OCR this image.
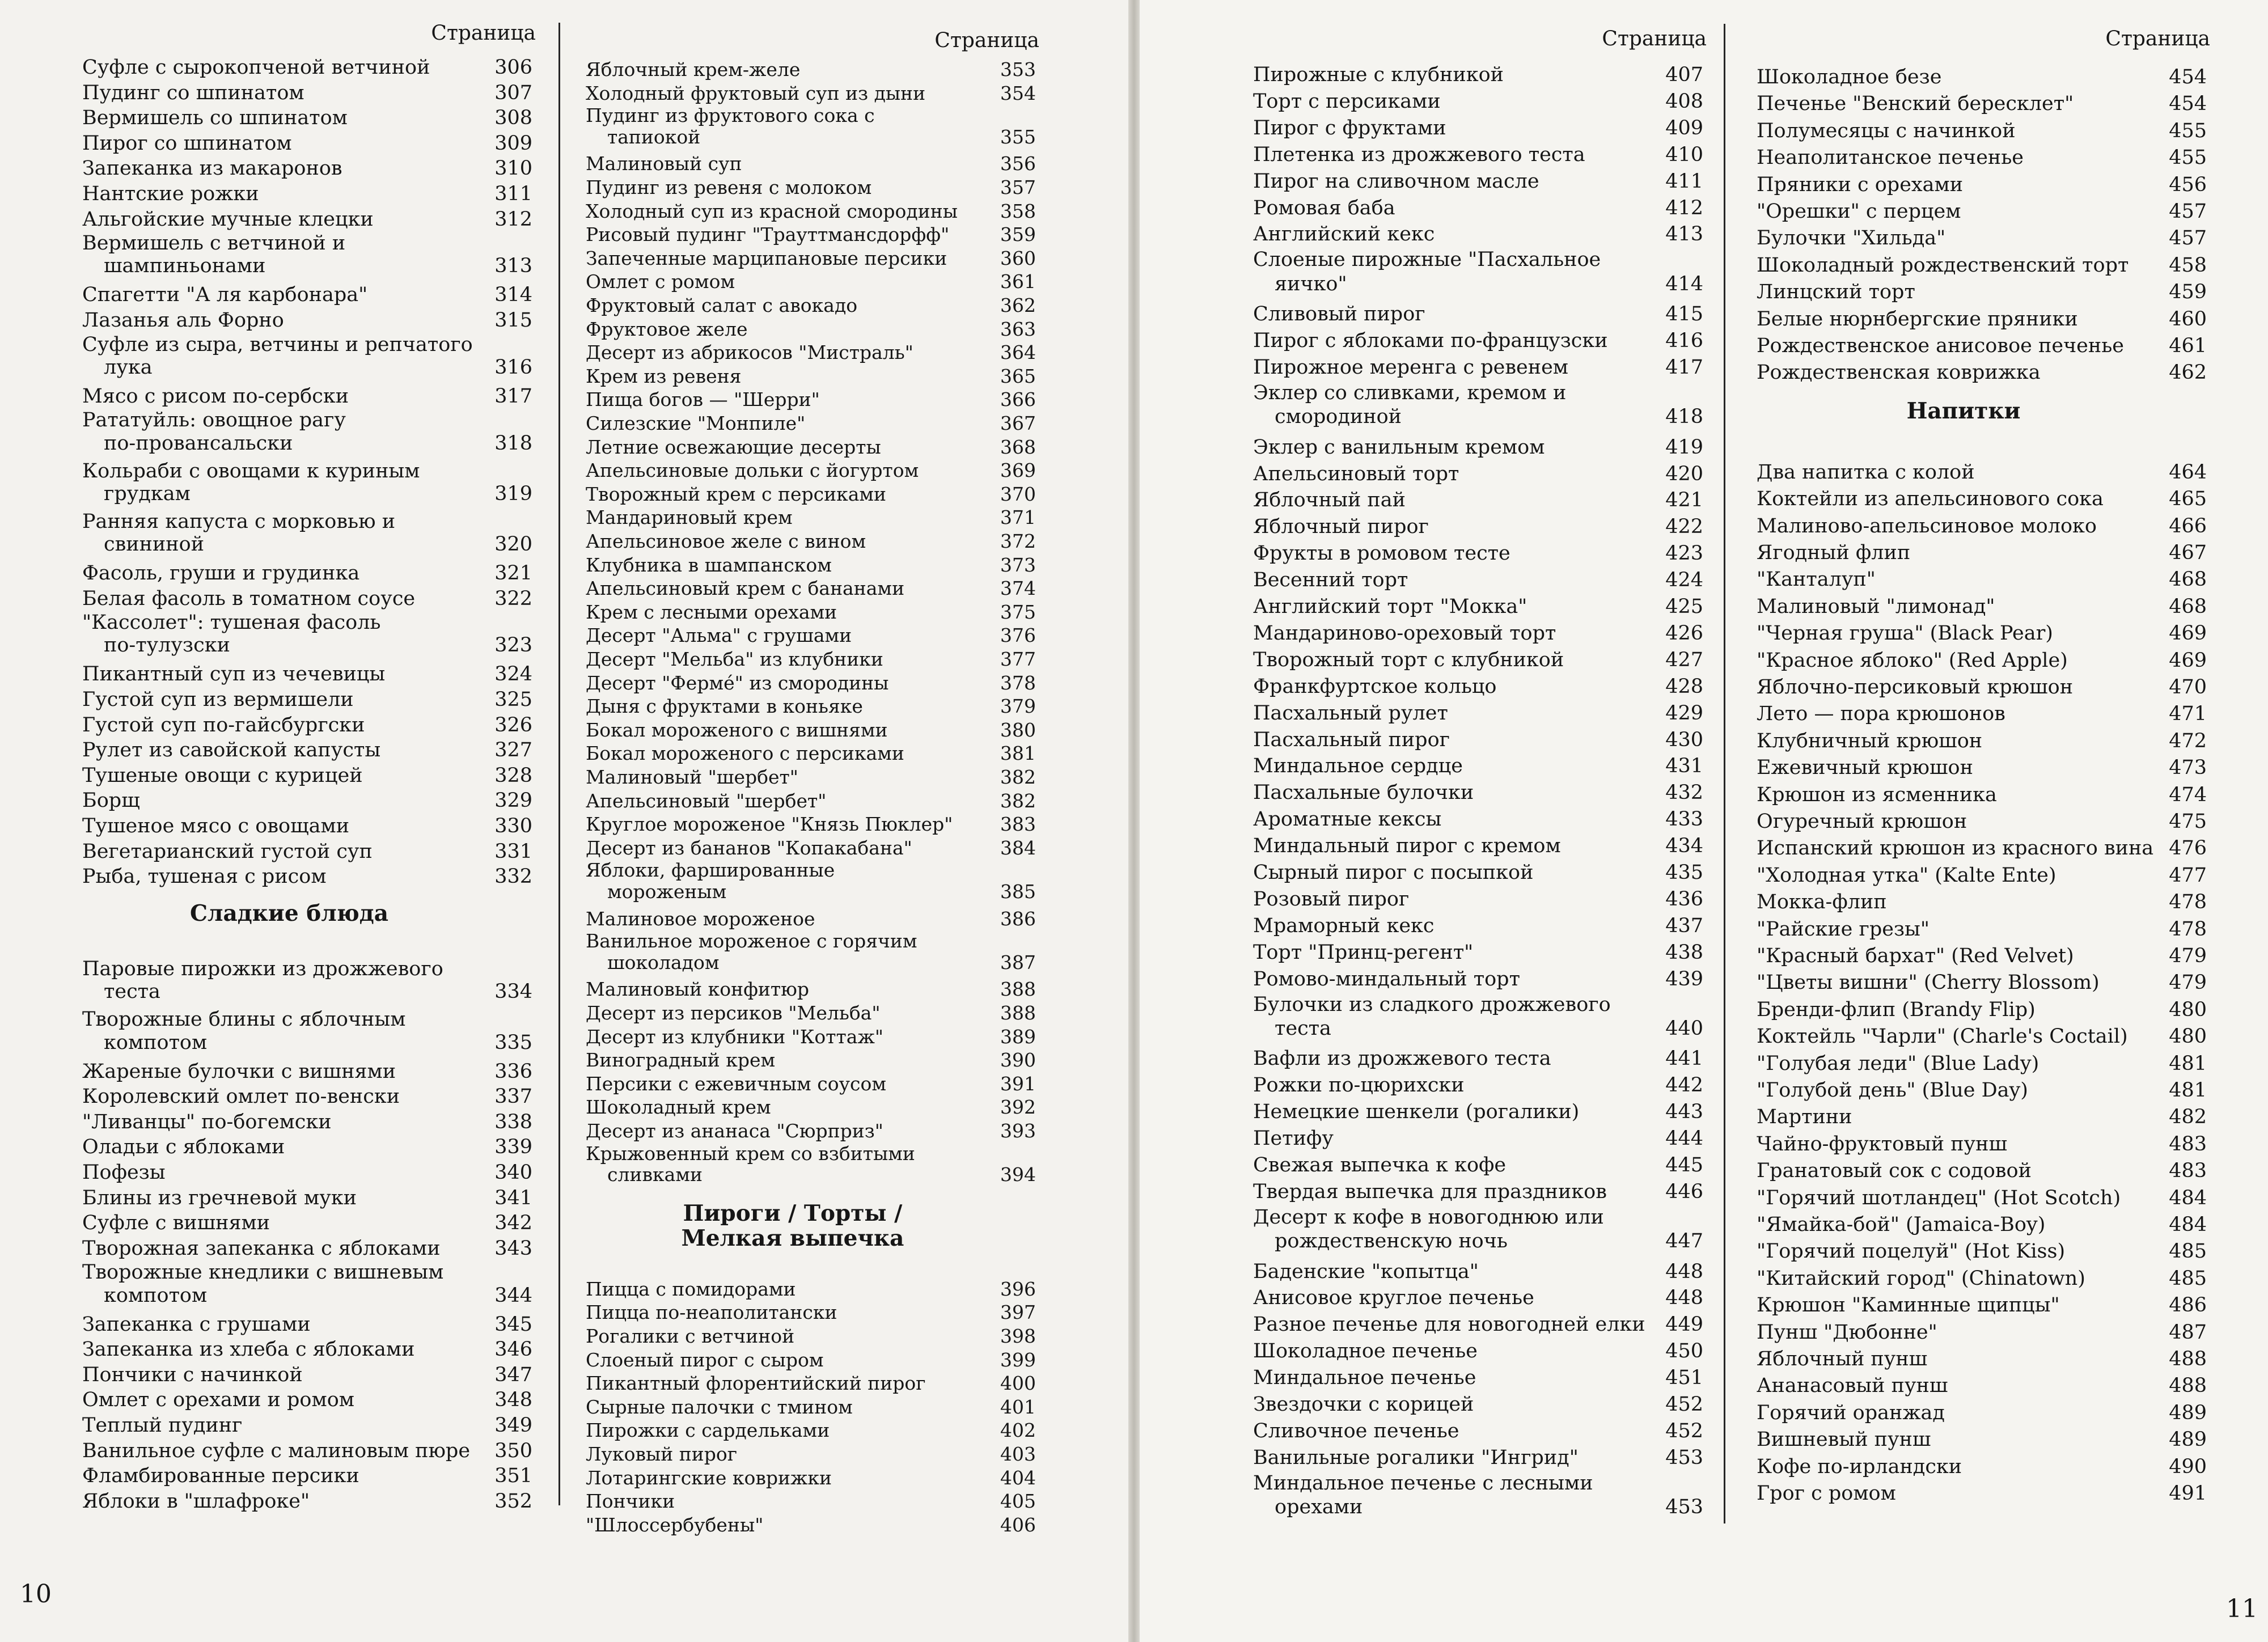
Страница
Суфле с сырокопченой ветчиной	306
Пудинг со шпинатом	307
Вермишель со шпинатом	308
Пирог со шпинатом	309
Запеканка из макаронов	310
Нантские рожки	311
Альгойские мучные клецки	312
Вермишель с ветчиной и
шампиньонами	313
Спагетти "А ля карбонара"	314
Лазанья аль Форно	315
Суфле из сыра, ветчины и репчатого
лука	316
Мясо с рисом по-сербски	317
Рататуйль: овощное рагу
по-провансальски	318
Кольраби с овощами к куриным
грудкам	319
Ранняя капуста с морковью и
свининой	320
Фасоль, груши и грудинка	321
Белая фасоль в томатном соусе	322
"Кассолет": тушеная фасоль
по-тулузски	323
Пикантный суп из чечевицы	324
Густой суп из вермишели	325
Густой суп по-гайсбургски	326
Рулет из савойской капусты	327
Тушеные овощи с курицей	328
Борщ	329
Тушеное мясо с овощами	330
Вегетарианский густой суп	331
Рыба, тушеная с рисом	332
Сладкие блюда
Паровые пирожки из дрожжевого
теста	334
Творожные блины с яблочным
компотом	335
Жареные булочки с вишнями	336
Королевский омлет по-венски	337
"Ливанцы" по-богемски	338
Оладьи с яблоками	339
Пофезы	340
Блины из гречневой муки	341
Суфле с вишнями	342
Творожная запеканка с яблоками	343
Творожные кнедлики с вишневым
компотом	344
Запеканка с грушами	345
Запеканка из хлеба с яблоками	346
Пончики с начинкой	347
Омлет с орехами и ромом	348
Теплый пудинг	349
Ванильное суфле с малиновым пюре 350
Фламбированные персики	351
Яблоки в "шлафроке"	352
Страница
Яблочный крем-желе	353
Холодный фруктовый суп из дыни	354
Пудинг из фруктового сока с
тапиокой	355
Малиновый суп	356
Пудинг из ревеня с молоком	357
Холодный суп из красной смородины 358
Рисовый пудинг "Трауттмансдорфф"	359
Запеченные марципановые персики	360
Омлет с ромом	361
Фруктовый салат с авокадо	362
Фруктовое желе	363
Десерт из абрикосов "Мистраль"	364
Крем из ревеня	365
Пища богов — "Шерри"	366
Силезские "Монпиле"	367
Летние освежающие десерты	368
Апельсиновые дольки с йогуртом	369
Творожный крем с персиками	370
Мандариновый крем	371
Апельсиновое желе с вином	372
Клубника в шампанском	373
Апельсиновый крем с бананами	374
Крем с лесными орехами	375
Десерт "Альма" с грушами	376
Десерт "Мельба" из клубники	377
Десерт "Фермé" из смородины	378
Дыня с фруктами в коньяке	379
Бокал мороженого с вишнями	380
Бокал мороженого с персиками	381
Малиновый "шербет"	382
Апельсиновый "шербет"	382
Круглое мороженое "Князь Пюклер"	383
Десерт из бананов "Копакабана"	384
Яблоки, фаршированные
мороженым	385
Малиновое мороженое	386
Ванильное мороженое с горячим
шоколадом	387
Малиновый конфитюр	388
Десерт из персиков "Мельба"	388
Десерт из клубники "Коттаж"	389
Виноградный крем	390
Персики с ежевичным соусом	391
Шоколадный крем	392
Десерт из ананаса "Сюрприз"	393
Крыжовенный крем со взбитыми
сливками	394
Пироги / Торты /
Мелкая выпечка
Пицца с помидорами	396
Пицца по-неаполитански	397
Рогалики с ветчиной	398
Слоеный пирог с сыром	399
Пикантный флорентийский пирог	400
Сырные палочки с тмином	401
Пирожки с сардельками	402
Луковый пирог	403
Лотарингские коврижки	404
Пончики	405
"Шлоссербубены"	406
10
Страница
Пирожные с клубникой	407
Торт с персиками	408
Пирог с фруктами	409
Плетенка из дрожжевого теста	410
Пирог на сливочном масле	411
Ромовая баба	412
Английский кекс	413
Слоеные пирожные "Пасхальное
яичко"	414
Сливовый пирог	415
Пирог с яблоками по-французски	416
Пирожное меренга с ревенем	417
Эклер со сливками, кремом и
смородиной	418
Эклер с ванильным кремом	419
Апельсиновый торт	420
Яблочный пай	421
Яблочный пирог	422
Фрукты в ромовом тесте	423
Весенний торт	424
Английский торт "Мокка"	425
Мандариново-ореховый торт	426
Творожный торт с клубникой	427
Франкфуртское кольцо	428
Пасхальный рулет	429
Пасхальный пирог	430
Миндальное сердце	431
Пасхальные булочки	432
Ароматные кексы	433
Миндальный пирог с кремом	434
Сырный пирог с посыпкой	435
Розовый пирог	436
Мраморный кекс	437
Торт "Принц-регент"	438
Ромово-миндальный торт	439
Булочки из сладкого дрожжевого
теста	440
Вафли из дрожжевого теста	441
Рожки по-цюрихски	442
Немецкие шенкели (рогалики)	443
Петифу	444
Свежая выпечка к кофе	445
Твердая выпечка для праздников	446
Десерт к кофе в новогоднюю или
рождественскую ночь	447
Баденские "копытца"	448
Анисовое круглое печенье	448
Разное печенье для новогодней елки 449
Шоколадное печенье	450
Миндальное печенье	451
Звездочки с корицей	452
Сливочное печенье	452
Ванильные рогалики "Ингрид"	453
Миндальное печенье с лесными
орехами	453
Страница
Шоколадное безе	454
Печенье "Венский бересклет"	454
Полумесяцы с начинкой	455
Неаполитанское печенье	455
Пряники с орехами	456
"Орешки" с перцем	457
Булочки "Хильда"	457
Шоколадный рождественский торт 458
Линцский торт	459
Белые нюрнбергские пряники	460
Рождественское анисовое печенье 461
Рождественская коврижка	462
Напитки
Два напитка с колой	464
Коктейли из апельсинового сока	465
Малиново-апельсиновое молоко	466
Ягодный флип	467
"Канталуп"	468
Малиновый "лимонад"	468
"Черная груша" (Black Pear)	469
"Красное яблоко" (Red Apple)	469
Яблочно-персиковый крюшон	470
Лето — пора крюшонов	471
Клубничный крюшон	472
Ежевичный крюшон	473
Крюшон из ясменника	474
Огуречный крюшон	475
Испанский крюшон из красного вина 476
"Холодная утка" (Kalte Ente)	477
Мокка-флип	478
"Райские грезы"	478
"Красный бархат" (Red Velvet)	479
"Цветы вишни" (Cherry Blossom)	479
Бренди-флип (Brandy Flip)	480
Коктейль "Чарли" (Charle's Coctail) 480
"Голубая леди" (Blue Lady)	481
"Голубой день" (Blue Day)	481
Мартини	482
Чайно-фруктовый пунш	483
Гранатовый сок с содовой	483
"Горячий шотландец" (Hot Scotch) 484
"Ямайка-бой" (Jamaica-Boy)	484
"Горячий поцелуй" (Hot Kiss)	485
"Китайский город" (Chinatown)	485
Крюшон "Каминные щипцы"	486
Пунш "Дюбонне"	487
Яблочный пунш	488
Ананасовый пунш	488
Горячий оранжад	489
Вишневый пунш	489
Кофе по-ирландски	490
Грог с ромом	491
11
